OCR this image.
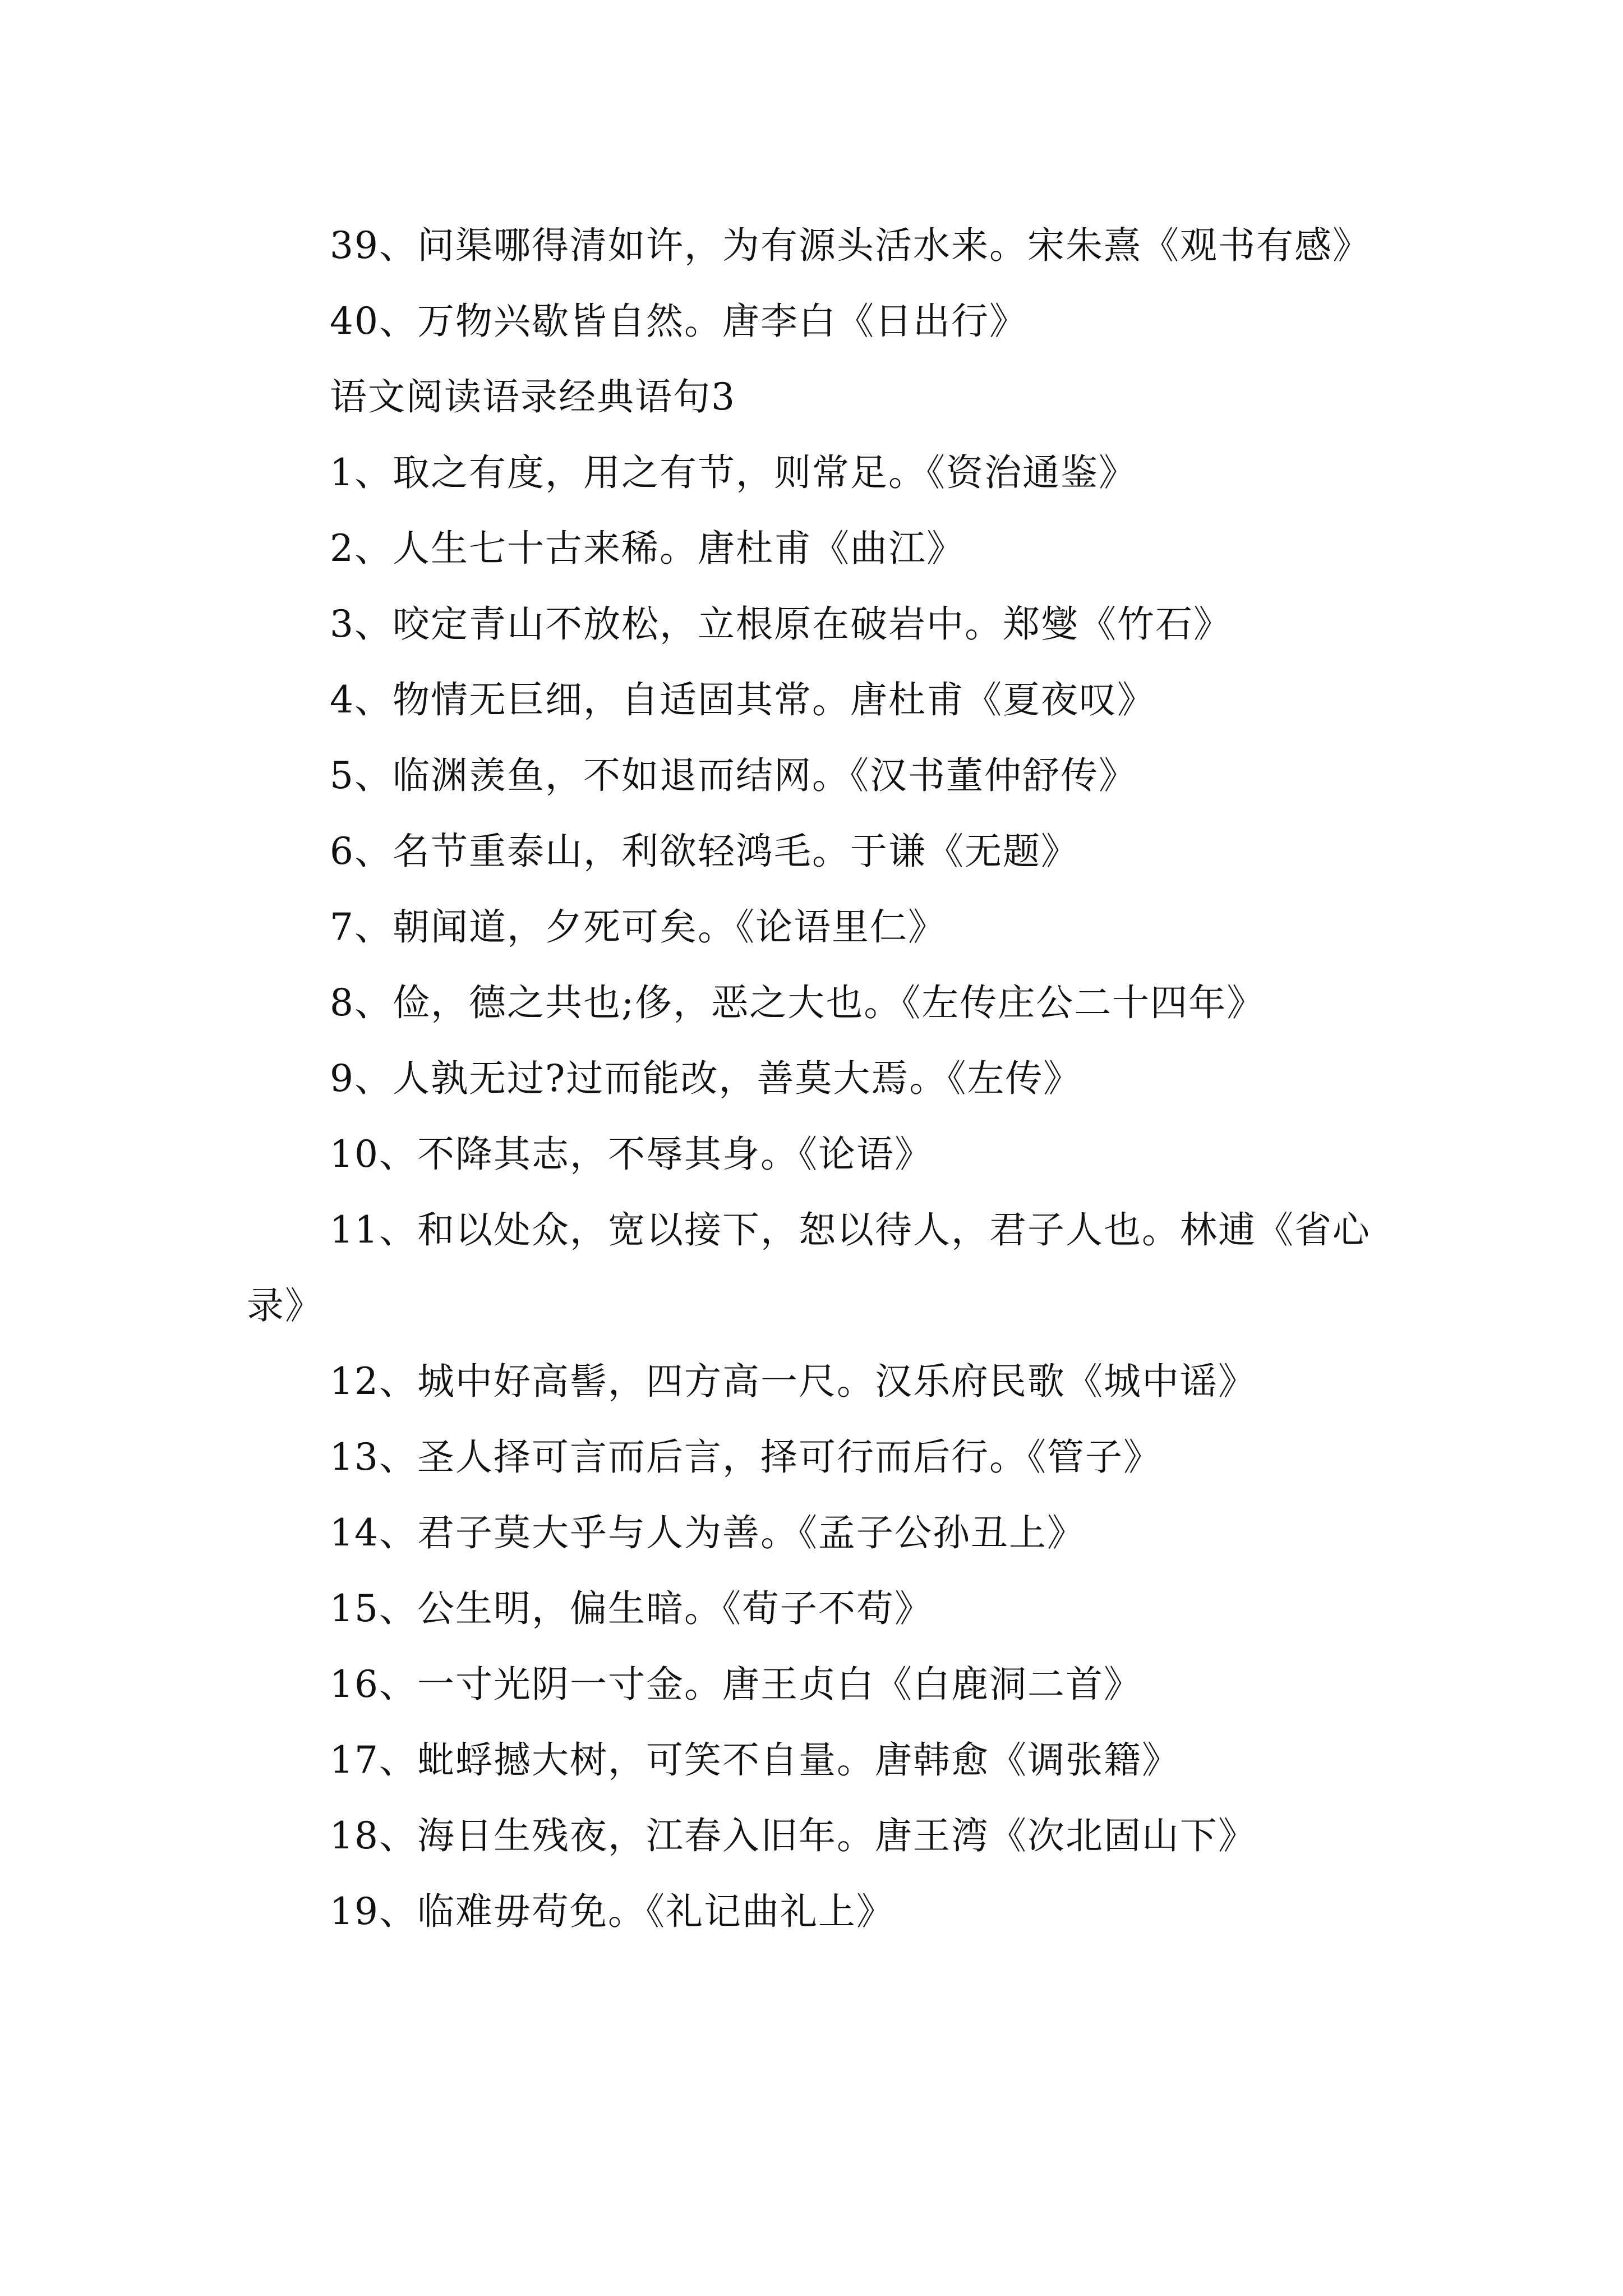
39、问渠哪得清如许，为有源头活水来。宋朱熹《观书有感》

40、万物兴歇皆自然。唐李白《日出行》

语文阅读语录经典语句3

1、取之有度，用之有节，则常足。《资治通鉴》

2、人生七十古来稀。唐杜甫《曲江》

3、咬定青山不放松，立根原在破岩中。郑燮《竹石》

4、物情无巨细，自适固其常。唐杜甫《夏夜叹》

5、临渊羡鱼，不如退而结网。《汉书董仲舒传》

6、名节重泰山，利欲轻鸿毛。于谦《无题》

7、朝闻道，夕死可矣。《论语里仁》

8、俭，德之共也;侈，恶之大也。《左传庄公二十四年》

9、人孰无过?过而能改，善莫大焉。《左传》

10、不降其志，不辱其身。《论语》

11、和以处众，宽以接下，恕以待人，君子人也。林逋《省心录》

12、城中好高髻，四方高一尺。汉乐府民歌《城中谣》

13、圣人择可言而后言，择可行而后行。《管子》

14、君子莫大乎与人为善。《孟子公孙丑上》

15、公生明，偏生暗。《荀子不苟》

16、一寸光阴一寸金。唐王贞白《白鹿洞二首》

17、蚍蜉撼大树，可笑不自量。唐韩愈《调张籍》

18、海日生残夜，江春入旧年。唐王湾《次北固山下》

19、临难毋苟免。《礼记曲礼上》
